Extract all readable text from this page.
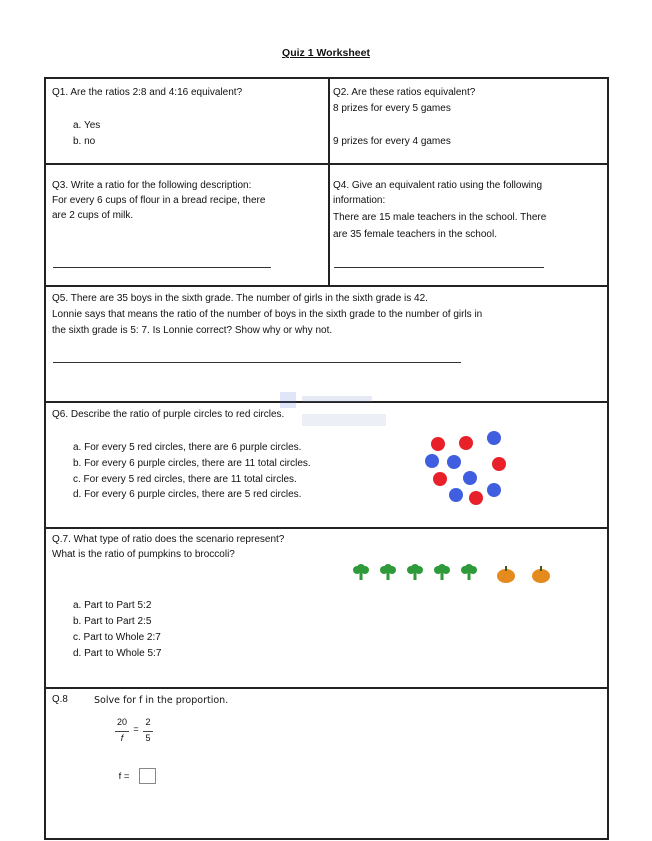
Quiz 1 Worksheet
Q1. Are the ratios 2:8 and 4:16 equivalent?
a. Yes
b. no
Q2. Are these ratios equivalent?
8 prizes for every 5 games
9 prizes for every 4 games
Q3. Write a ratio for the following description:
For every 6 cups of flour in a bread recipe, there
are 2 cups of milk.
Q4. Give an equivalent ratio using the following
information:
There are 15 male teachers in the school. There
are 35 female teachers in the school.
Q5. There are 35 boys in the sixth grade. The number of girls in the sixth grade is 42.
Lonnie says that means the ratio of the number of boys in the sixth grade to the number of girls in
the sixth grade is 5: 7. Is Lonnie correct? Show why or why not.
Q6. Describe the ratio of purple circles to red circles.
a. For every 5 red circles, there are 6 purple circles.
b. For every 6 purple circles, there are 11 total circles.
c. For every 5 red circles, there are 11 total circles.
d. For every 6 purple circles, there are 5 red circles.
Q.7. What type of ratio does the scenario represent?
What is the ratio of pumpkins to broccoli?
a. Part to Part 5:2
b. Part to Part 2:5
c. Part to Whole 2:7
d. Part to Whole 5:7
Q.8	Solve for f in the proportion.
20
f
=
2
5
f =
